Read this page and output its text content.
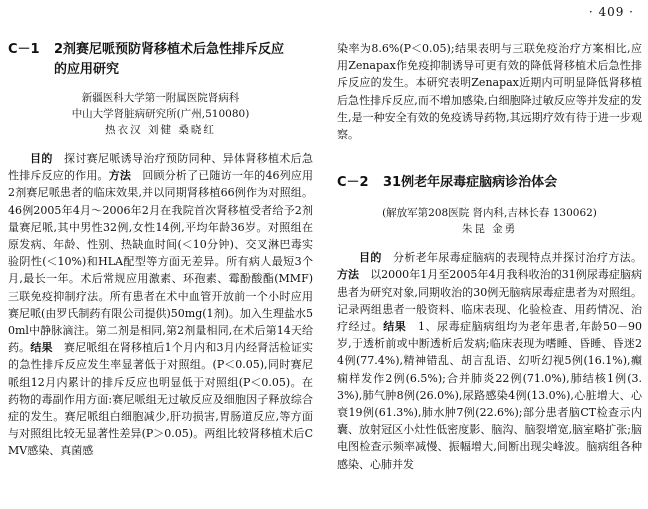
· 409 ·
C－1 2剂赛尼哌预防肾移植术后急性排斥反应
的应用研究
新疆医科大学第一附属医院肾病科
中山大学肾脏病研究所(广州,510080)
热衣汉 刘健 桑晓红

目的　 探讨赛尼哌诱导治疗预防同种、异体肾移植术后急性排斥反应的作用。方法　 回顾分析了已随访一年的46列应用2剂赛尼哌患者的临床效果,并以同期肾移植66例作为对照组。46例2005年4月～2006年2月在我院首次肾移植受者给予2剂量赛尼哌,其中男性32例,女性14例,平均年龄36岁。对照组在原发病、年龄、性别、热缺血时间(＜10分钟)、交叉淋巴毒实验阴性(＜10%)和HLA配型等方面无差异。所有病人最短3个月,最长一年。术后常规应用激素、环孢素、霉酚酸酯(MMF)三联免疫抑制疗法。所有患者在术中血管开放前一个小时应用赛尼哌(由罗氏制药有限公司提供)50mg(1剂)。加入生理盐水50ml中静脉滴注。第二剂是相同,第2剂量相同,在术后第14天给药。结果　 赛尼哌组在肾移植后1个月内和3月内经肾活检证实的急性排斥反应发生率显著低于对照组。(P＜0.05),同时赛尼哌组12月内累计的排斥反应也明显低于对照组(P＜0.05)。在药物的毒副作用方面:赛尼哌组无过敏反应及细胞因子释放综合症的发生。赛尼哌组白细胞减少,肝功损害,胃肠道反应,等方面与对照组比较无显著性差异(P＞0.05)。两组比较肾移植术后CMV感染、真菌感

染率为8.6%(P＜0.05);结果表明与三联免疫治疗方案相比,应用Zenapax作免疫抑制诱导可更有效的降低肾移植术后急性排斥反应的发生。本研究表明Zenapax近期内可明显降低肾移植后急性排斥反应,而不增加感染,白细胞降过敏反应等并发症的发生,是一种安全有效的免疫诱导药物,其远期疗效有待于进一步观察。

C－2 31例老年尿毒症脑病诊治体会
(解放军第208医院 肾内科,吉林长春 130062)
朱昆 金勇

目的　 分析老年尿毒症脑病的表现特点并探讨治疗方法。方法　 以2000年1月至2005年4月我科收治的31例尿毒症脑病患者为研究对象,同期收治的30例无脑病尿毒症患者为对照组。记录两组患者一般资料、临床表现、化验检查、用药情况、治疗经过。结果　 1、尿毒症脑病组均为老年患者,年龄50－90岁,于透析前或中断透析后发病;临床表现为嗜睡、昏睡、昏迷24例(77.4%),精神错乱、胡言乱语、幻听幻视5例(16.1%),癫痫样发作2例(6.5%);合并肺炎22例(71.0%),肺结核1例(3.3%),肺气肿8例(26.0%),尿路感染4例(13.0%),心脏增大、心衰19例(61.3%),肺水肿7例(22.6%);部分患者脑CT检查示内囊、放射冠区小灶性低密度影、脑沟、脑裂增宽,脑室略扩张;脑电图检查示频率减慢、振幅增大,间断出现尖峰波。脑病组各种感染、心肺并发
